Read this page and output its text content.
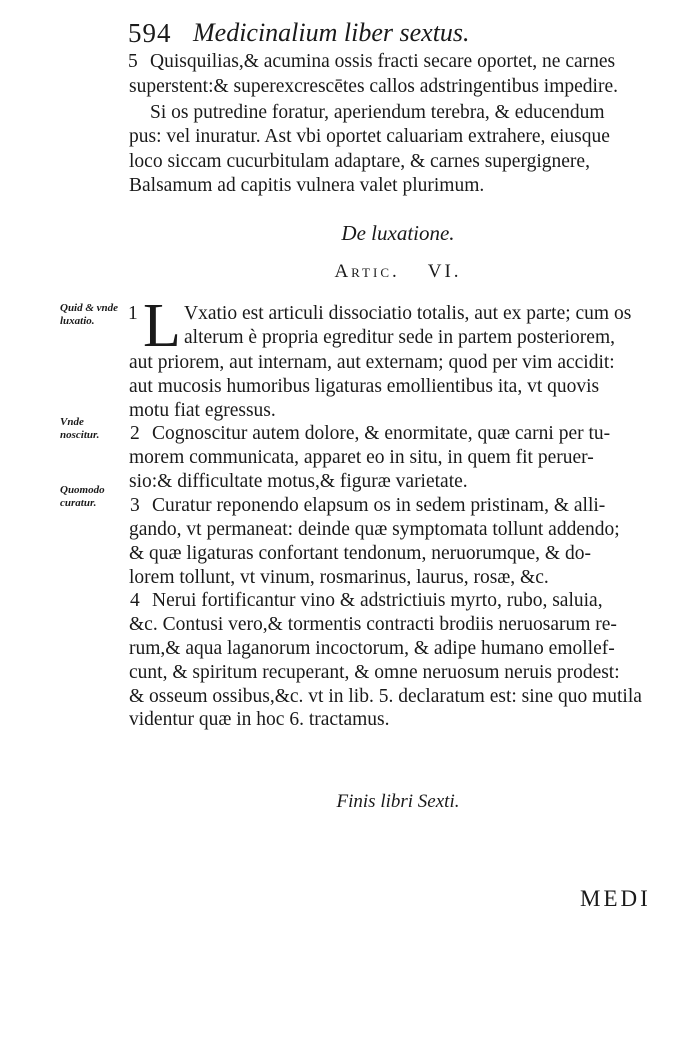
594 Medicinalium liber sextus.
5 Quisquilias,& acumina ossis fracti secare oportet, ne carnes
superstent:& superexcrescētes callos adstringentibus impedire.
Si os putredine foratur, aperiendum terebra, & educendum
pus: vel inuratur. Ast vbi oportet caluariam extrahere, eiusque
loco siccam cucurbitulam adaptare, & carnes supergignere,
Balsamum ad capitis vulnera valet plurimum.
De luxatione.
Artic. VI.
Quid & vnde luxatio.
Vnde noscitur.
Quomodo curatur.
1 L Vxatio est articuli dissociatio totalis, aut ex parte; cum os
alterum è propria egreditur sede in partem posteriorem,
aut priorem, aut internam, aut externam; quod per vim accidit:
aut mucosis humoribus ligaturas emollientibus ita, vt quovis
motu fiat egressus.
2 Cognoscitur autem dolore, & enormitate, quæ carni per tu-
morem communicata, apparet eo in situ, in quem fit peruer-
sio:& difficultate motus,& figuræ varietate.
3 Curatur reponendo elapsum os in sedem pristinam, & alli-
gando, vt permaneat: deinde quæ symptomata tollunt addendo;
& quæ ligaturas confortant tendonum, neruorumque, & do-
lorem tollunt, vt vinum, rosmarinus, laurus, rosæ, &c.
4 Nerui fortificantur vino & adstrictiuis myrto, rubo, saluia,
&c. Contusi vero,& tormentis contracti brodiis neruosarum re-
rum,& aqua laganorum incoctorum, & adipe humano emollef-
cunt, & spiritum recuperant, & omne neruosum neruis prodest:
& osseum ossibus,&c. vt in lib. 5. declaratum est: sine quo mutila
videntur quæ in hoc 6. tractamus.
Finis libri Sexti.
MEDI
